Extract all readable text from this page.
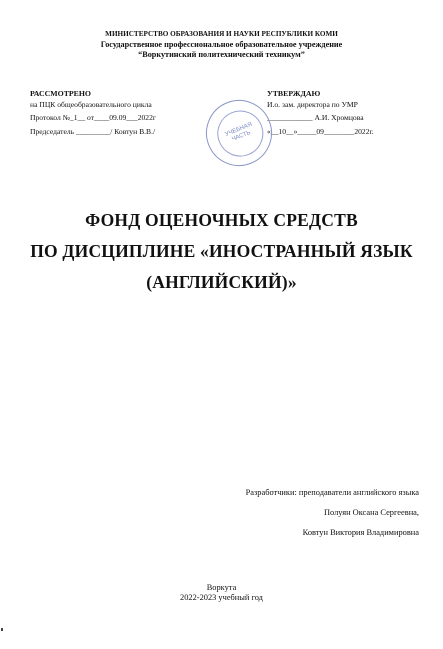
МИНИСТЕРСТВО ОБРАЗОВАНИЯ И НАУКИ РЕСПУБЛИКИ КОМИ
Государственное профессиональное образовательное учреждение
“Воркутинский политехнический техникум”
РАССМОТРЕНО
на ПЦК общеобразовательного цикла
Протокол №_1__ от____09.09___2022г
Председатель _________/ Ковтун В.В./
УТВЕРЖДАЮ
И.о. зам. директора по УМР
____________ А.И. Хромцова
«__10__»_____09________2022г.
УЧЕБНАЯ ЧАСТЬ
ФОНД ОЦЕНОЧНЫХ СРЕДСТВ
ПО ДИСЦИПЛИНЕ «ИНОСТРАННЫЙ ЯЗЫК
(АНГЛИЙСКИЙ)»
Разработчики: преподаватели английского языка
Полуян Оксана Сергеевна,
Ковтун Виктория Владимировна
Воркута
2022-2023 учебный год
